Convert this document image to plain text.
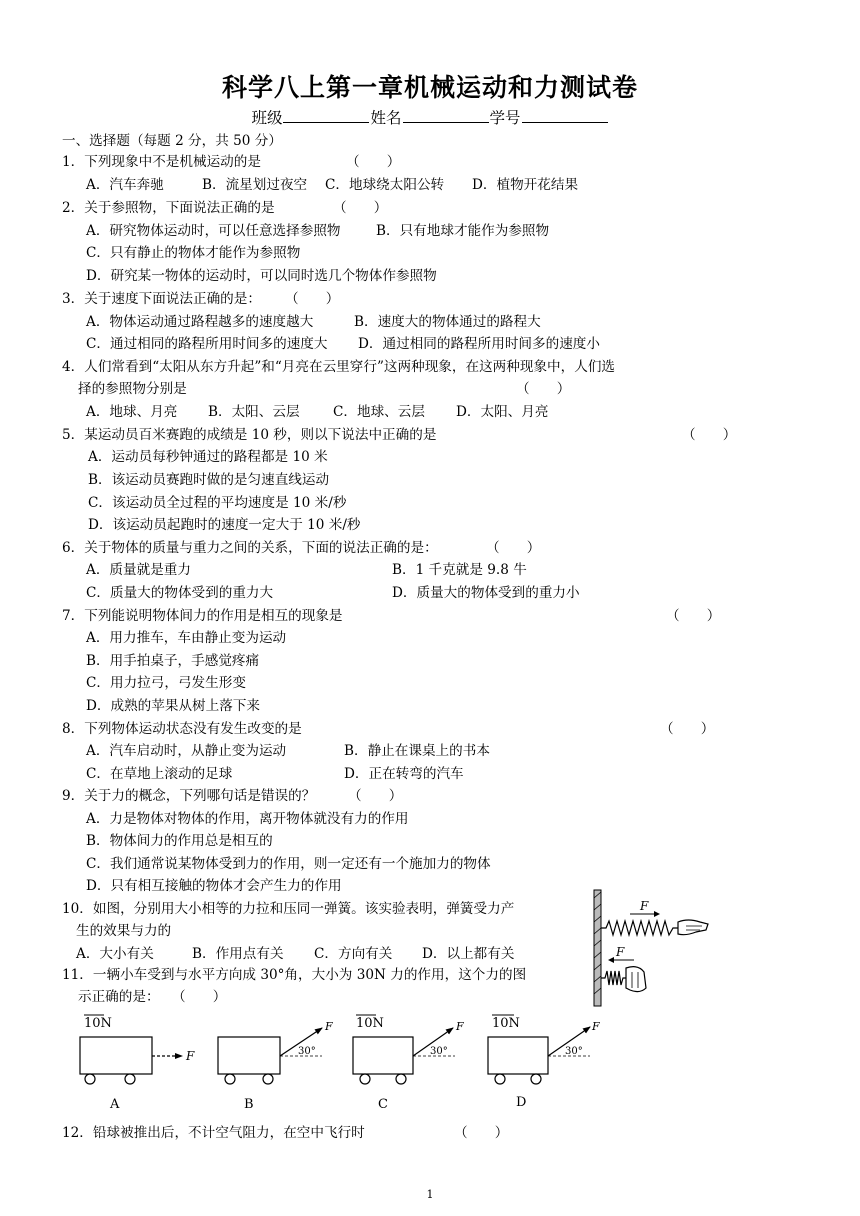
科学八上第一章机械运动和力测试卷
班级	姓名	学号
一、选择题（每题 2 分，共 50 分）
1．下列现象中不是机械运动的是	（　　）
A．汽车奔驰	B．流星划过夜空 C．地球绕太阳公转 D．植物开花结果
2．关于参照物，下面说法正确的是	（　　）
A．研究物体运动时，可以任意选择参照物	B．只有地球才能作为参照物
C．只有静止的物体才能作为参照物
D．研究某一物体的运动时，可以同时选几个物体作参照物
3．关于速度下面说法正确的是： （　　）
A．物体运动通过路程越多的速度越大	B．速度大的物体通过的路程大
C．通过相同的路程所用时间多的速度大 D．通过相同的路程所用时间多的速度小
4．人们常看到“太阳从东方升起”和“月亮在云里穿行”这两种现象，在这两种现象中，人们选
择的参照物分别是	（　　）
A．地球、月亮 B．太阳、云层 C．地球、云层 D．太阳、月亮
5．某运动员百米赛跑的成绩是 10 秒，则以下说法中正确的是	（　　）
A．运动员每秒钟通过的路程都是 10 米
B．该运动员赛跑时做的是匀速直线运动
C．该运动员全过程的平均速度是 10 米/秒
D．该运动员起跑时的速度一定大于 10 米/秒
6．关于物体的质量与重力之间的关系，下面的说法正确的是：	（　　）
A．质量就是重力	B．1 千克就是 9.8 牛
C．质量大的物体受到的重力大	D．质量大的物体受到的重力小
7．下列能说明物体间力的作用是相互的现象是	（　　）
A．用力推车，车由静止变为运动
B．用手拍桌子，手感觉疼痛
C．用力拉弓，弓发生形变
D．成熟的苹果从树上落下来
8．下列物体运动状态没有发生改变的是	（　　）
A．汽车启动时，从静止变为运动	B．静止在课桌上的书本
C．在草地上滚动的足球	D．正在转弯的汽车
9．关于力的概念，下列哪句话是错误的？ （　　）
A．力是物体对物体的作用，离开物体就没有力的作用
B．物体间力的作用总是相互的
C．我们通常说某物体受到力的作用，则一定还有一个施加力的物体
D．只有相互接触的物体才会产生力的作用
10．如图，分别用大小相等的力拉和压同一弹簧。该实验表明，弹簧受力产
生的效果与力的
A．大小有关	B．作用点有关 C．方向有关 D．以上都有关
F
F
11．一辆小车受到与水平方向成 30°角，大小为 30N 力的作用，这个力的图
示正确的是： （　　）
10N
F
A
F
30°
B
10N	F
30°
C
10N	F
30°
D
12．铅球被推出后，不计空气阻力，在空中飞行时	（　　）
1
